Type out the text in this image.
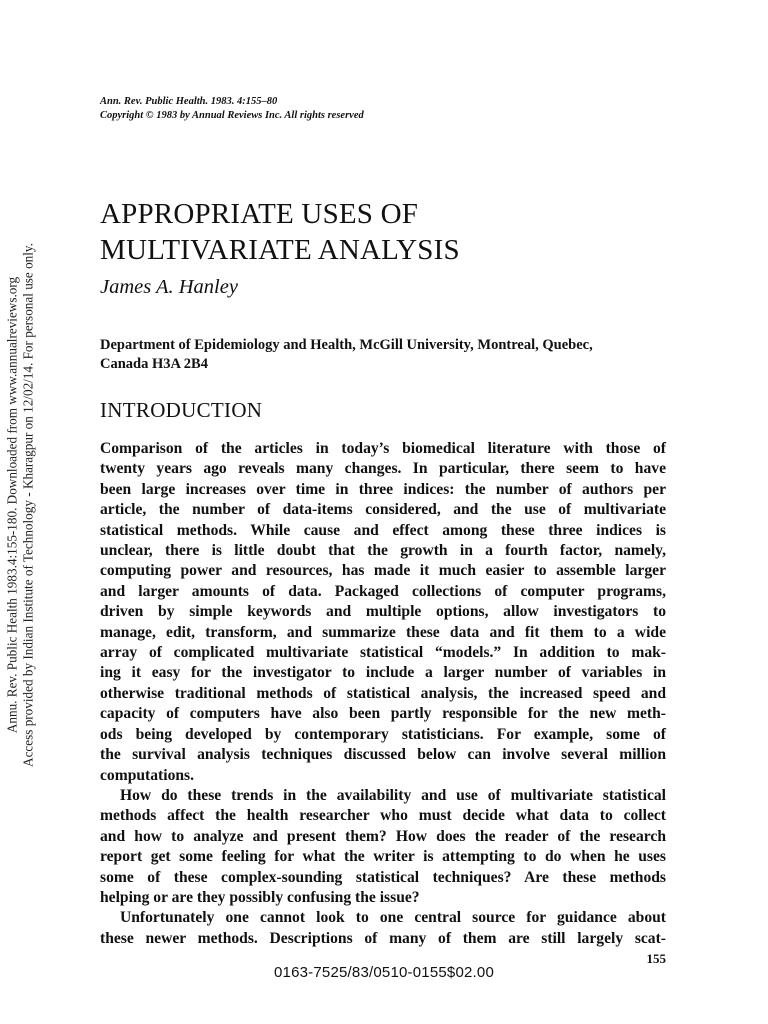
Annu. Rev. Public Health 1983.4:155-180. Downloaded from www.annualreviews.org Access provided by Indian Institute of Technology - Kharagpur on 12/02/14. For personal use only.
Ann. Rev. Public Health. 1983. 4:155–80
Copyright © 1983 by Annual Reviews Inc. All rights reserved
APPROPRIATE USES OF
MULTIVARIATE ANALYSIS
James A. Hanley
Department of Epidemiology and Health, McGill University, Montreal, Quebec,
Canada H3A 2B4
INTRODUCTION
Comparison of the articles in today’s biomedical literature with those of
twenty years ago reveals many changes. In particular, there seem to have
been large increases over time in three indices: the number of authors per
article, the number of data-items considered, and the use of multivariate
statistical methods. While cause and effect among these three indices is
unclear, there is little doubt that the growth in a fourth factor, namely,
computing power and resources, has made it much easier to assemble larger
and larger amounts of data. Packaged collections of computer programs,
driven by simple keywords and multiple options, allow investigators to
manage, edit, transform, and summarize these data and fit them to a wide
array of complicated multivariate statistical “models.” In addition to mak-
ing it easy for the investigator to include a larger number of variables in
otherwise traditional methods of statistical analysis, the increased speed and
capacity of computers have also been partly responsible for the new meth-
ods being developed by contemporary statisticians. For example, some of
the survival analysis techniques discussed below can involve several million
computations.
How do these trends in the availability and use of multivariate statistical
methods affect the health researcher who must decide what data to collect
and how to analyze and present them? How does the reader of the research
report get some feeling for what the writer is attempting to do when he uses
some of these complex-sounding statistical techniques? Are these methods
helping or are they possibly confusing the issue?
Unfortunately one cannot look to one central source for guidance about
these newer methods. Descriptions of many of them are still largely scat-
155
0163-7525/83/0510-0155$02.00
